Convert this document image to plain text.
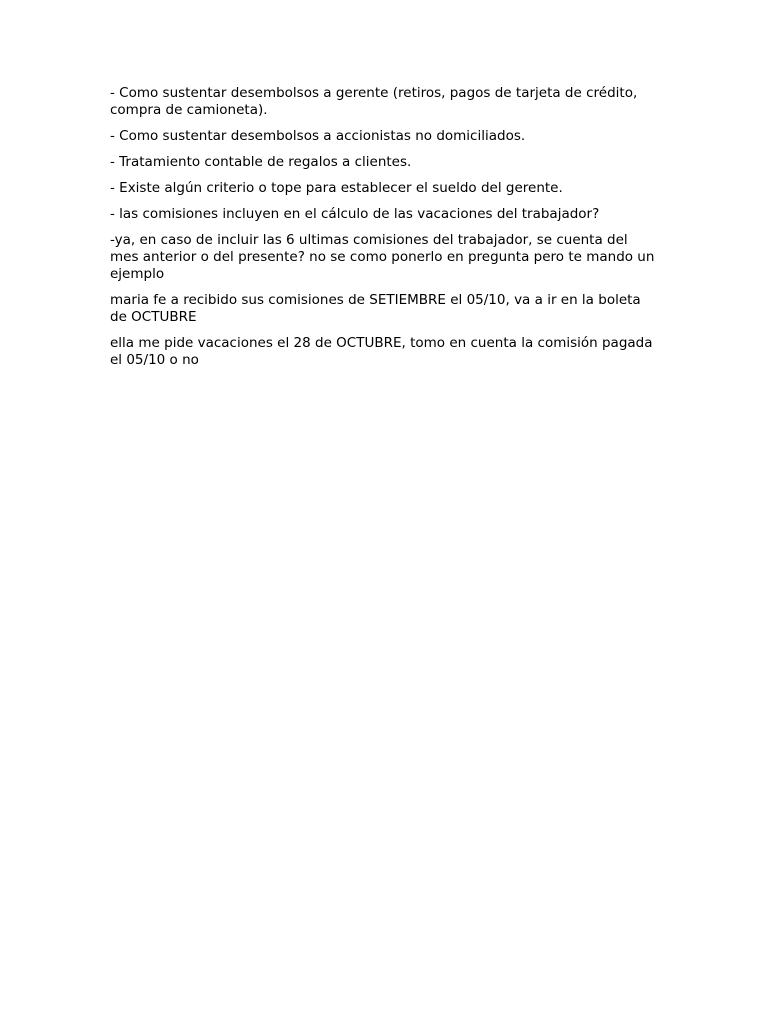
- Como sustentar desembolsos a gerente (retiros, pagos de tarjeta de crédito, compra de camioneta).

- Como sustentar desembolsos a accionistas no domiciliados.

- Tratamiento contable de regalos a clientes.

- Existe algún criterio o tope para establecer el sueldo del gerente.

- las comisiones incluyen en el cálculo de las vacaciones del trabajador?

-ya, en caso de incluir las 6 ultimas comisiones del trabajador, se cuenta del mes anterior o del presente? no se como ponerlo en pregunta pero te mando un ejemplo

maria fe a recibido sus comisiones de SETIEMBRE el 05/10, va a ir en la boleta de OCTUBRE

ella me pide vacaciones el 28 de OCTUBRE, tomo en cuenta la comisión pagada el 05/10 o no
